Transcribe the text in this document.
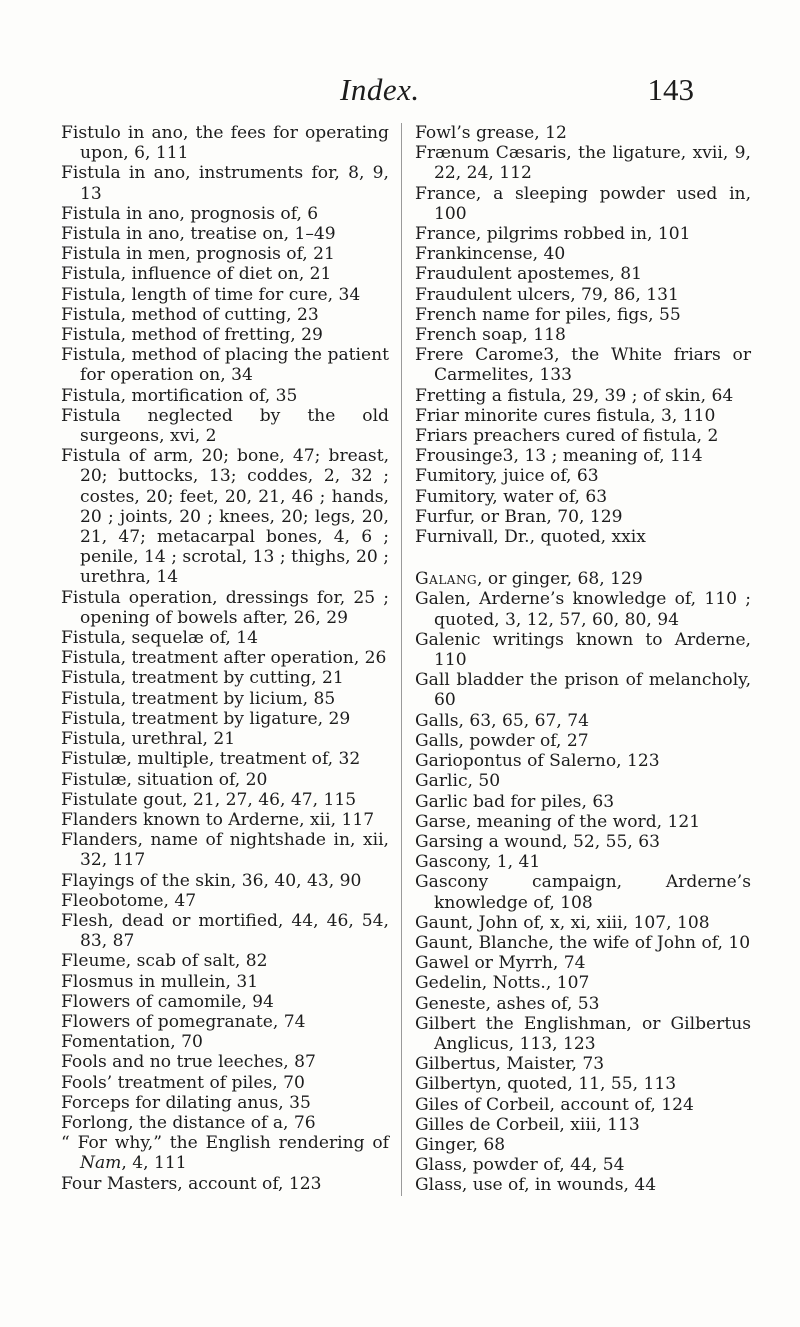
Index.	143
Fistulo in ano, the fees for operating upon, 6, 111
Fistula in ano, instruments for, 8, 9, 13
Fistula in ano, prognosis of, 6
Fistula in ano, treatise on, 1–49
Fistula in men, prognosis of, 21
Fistula, influence of diet on, 21
Fistula, length of time for cure, 34
Fistula, method of cutting, 23
Fistula, method of fretting, 29
Fistula, method of placing the patient for operation on, 34
Fistula, mortification of, 35
Fistula neglected by the old surgeons, xvi, 2
Fistula of arm, 20; bone, 47; breast, 20; buttocks, 13; coddes, 2, 32 ; costes, 20; feet, 20, 21, 46 ; hands, 20 ; joints, 20 ; knees, 20; legs, 20, 21, 47; metacarpal bones, 4, 6 ; penile, 14 ; scrotal, 13 ; thighs, 20 ; urethra, 14
Fistula operation, dressings for, 25 ; opening of bowels after, 26, 29
Fistula, sequelæ of, 14
Fistula, treatment after operation, 26
Fistula, treatment by cutting, 21
Fistula, treatment by licium, 85
Fistula, treatment by ligature, 29
Fistula, urethral, 21
Fistulæ, multiple, treatment of, 32
Fistulæ, situation of, 20
Fistulate gout, 21, 27, 46, 47, 115
Flanders known to Arderne, xii, 117
Flanders, name of nightshade in, xii, 32, 117
Flayings of the skin, 36, 40, 43, 90
Fleobotome, 47
Flesh, dead or mortified, 44, 46, 54, 83, 87
Fleume, scab of salt, 82
Flosmus in mullein, 31
Flowers of camomile, 94
Flowers of pomegranate, 74
Fomentation, 70
Fools and no true leeches, 87
Fools’ treatment of piles, 70
Forceps for dilating anus, 35
Forlong, the distance of a, 76
“ For why,” the English rendering of Nam, 4, 111
Four Masters, account of, 123
Fowl’s grease, 12
Frænum Cæsaris, the ligature, xvii, 9, 22, 24, 112
France, a sleeping powder used in, 100
France, pilgrims robbed in, 101
Frankincense, 40
Fraudulent apostemes, 81
Fraudulent ulcers, 79, 86, 131
French name for piles, figs, 55
French soap, 118
Frere Carome3, the White friars or Carmelites, 133
Fretting a fistula, 29, 39 ; of skin, 64
Friar minorite cures fistula, 3, 110
Friars preachers cured of fistula, 2
Frousinge3, 13 ; meaning of, 114
Fumitory, juice of, 63
Fumitory, water of, 63
Furfur, or Bran, 70, 129
Furnivall, Dr., quoted, xxix
Galang, or ginger, 68, 129
Galen, Arderne’s knowledge of, 110 ; quoted, 3, 12, 57, 60, 80, 94
Galenic writings known to Arderne, 110
Gall bladder the prison of melancholy, 60
Galls, 63, 65, 67, 74
Galls, powder of, 27
Gariopontus of Salerno, 123
Garlic, 50
Garlic bad for piles, 63
Garse, meaning of the word, 121
Garsing a wound, 52, 55, 63
Gascony, 1, 41
Gascony campaign, Arderne’s knowledge of, 108
Gaunt, John of, x, xi, xiii, 107, 108
Gaunt, Blanche, the wife of John of, 10
Gawel or Myrrh, 74
Gedelin, Notts., 107
Geneste, ashes of, 53
Gilbert the Englishman, or Gilbertus Anglicus, 113, 123
Gilbertus, Maister, 73
Gilbertyn, quoted, 11, 55, 113
Giles of Corbeil, account of, 124
Gilles de Corbeil, xiii, 113
Ginger, 68
Glass, powder of, 44, 54
Glass, use of, in wounds, 44
